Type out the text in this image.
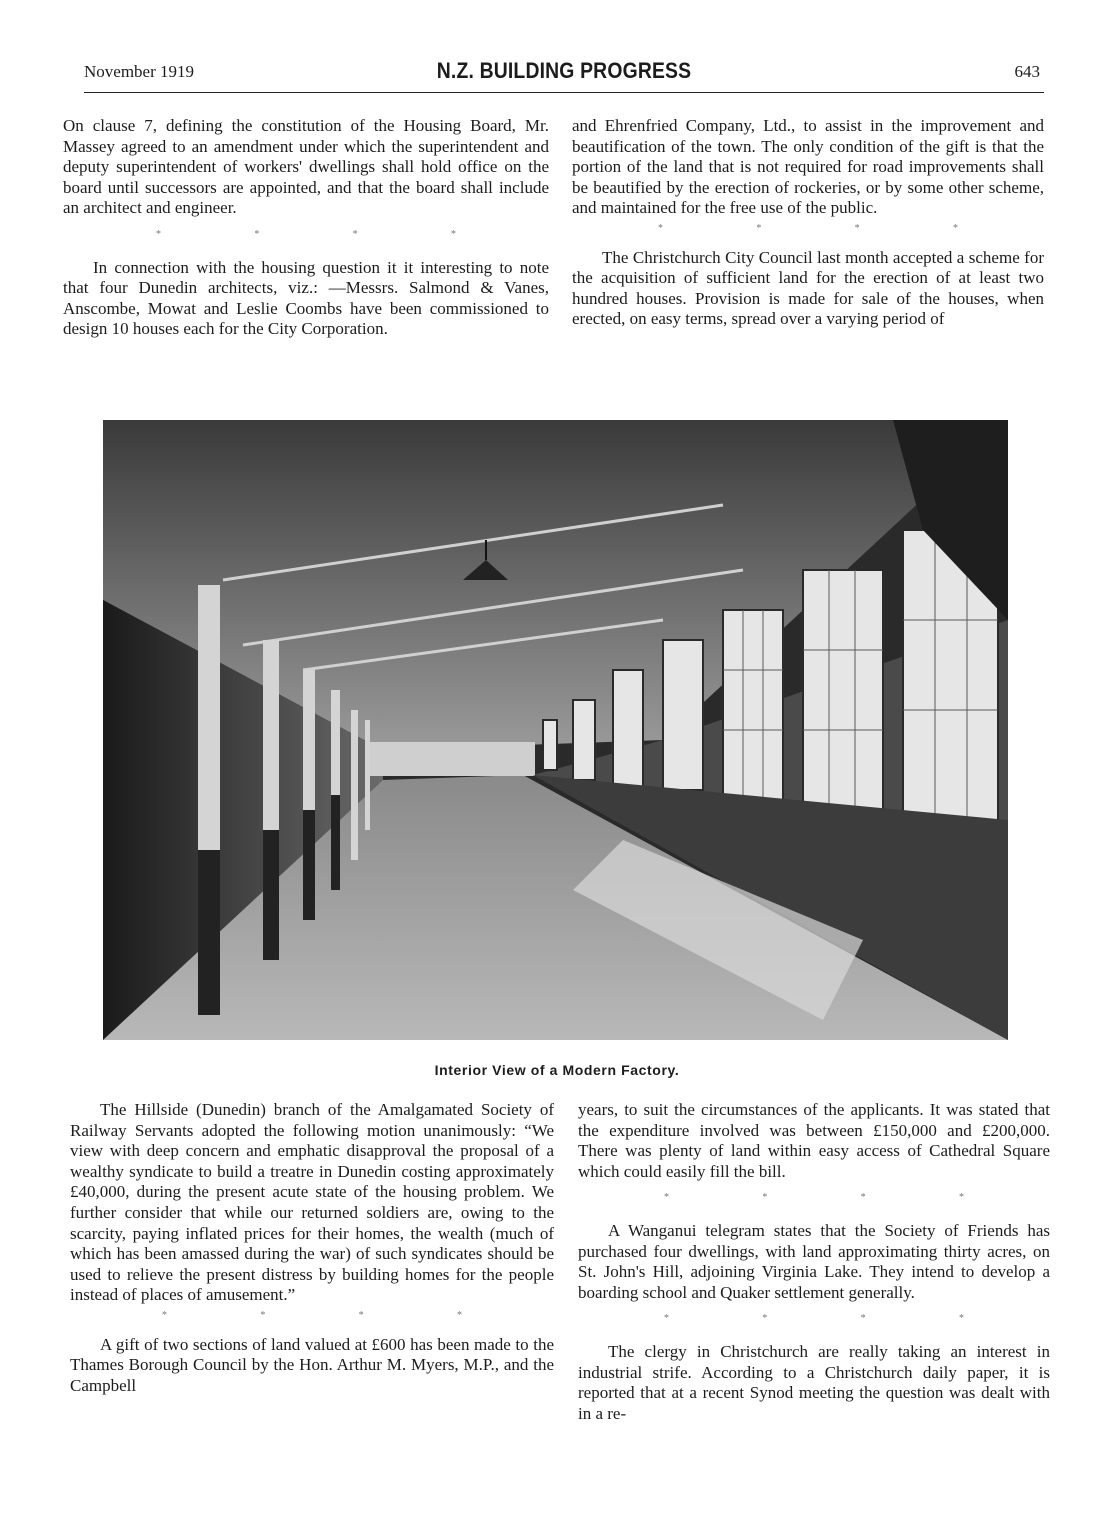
November 1919	N.Z. BUILDING PROGRESS	643

On clause 7, defining the constitution of the Housing Board, Mr. Massey agreed to an amendment under which the superintendent and deputy superintendent of workers' dwellings shall hold office on the board until successors are appointed, and that the board shall include an architect and engineer.

*	*	*	*

In connection with the housing question it it interesting to note that four Dunedin architects, viz.: —Messrs. Salmond & Vanes, Anscombe, Mowat and Leslie Coombs have been commissioned to design 10 houses each for the City Corporation.

and Ehrenfried Company, Ltd., to assist in the improvement and beautification of the town. The only condition of the gift is that the portion of the land that is not required for road improvements shall be beautified by the erection of rockeries, or by some other scheme, and maintained for the free use of the public.

*	*	*	*

The Christchurch City Council last month accepted a scheme for the acquisition of sufficient land for the erection of at least two hundred houses. Provision is made for sale of the houses, when erected, on easy terms, spread over a varying period of

Interior View of a Modern Factory.

The Hillside (Dunedin) branch of the Amalgamated Society of Railway Servants adopted the following motion unanimously: “We view with deep concern and emphatic disapproval the proposal of a wealthy syndicate to build a treatre in Dunedin costing approximately £40,000, during the present acute state of the housing problem. We further consider that while our returned soldiers are, owing to the scarcity, paying inflated prices for their homes, the wealth (much of which has been amassed during the war) of such syndicates should be used to relieve the present distress by building homes for the people instead of places of amusement.”

*	*	*	*

A gift of two sections of land valued at £600 has been made to the Thames Borough Council by the Hon. Arthur M. Myers, M.P., and the Campbell

years, to suit the circumstances of the applicants. It was stated that the expenditure involved was between £150,000 and £200,000. There was plenty of land within easy access of Cathedral Square which could easily fill the bill.

*	*	*	*

A Wanganui telegram states that the Society of Friends has purchased four dwellings, with land approximating thirty acres, on St. John's Hill, adjoining Virginia Lake. They intend to develop a boarding school and Quaker settlement generally.

*	*	*	*

The clergy in Christchurch are really taking an interest in industrial strife. According to a Christchurch daily paper, it is reported that at a recent Synod meeting the question was dealt with in a re-
